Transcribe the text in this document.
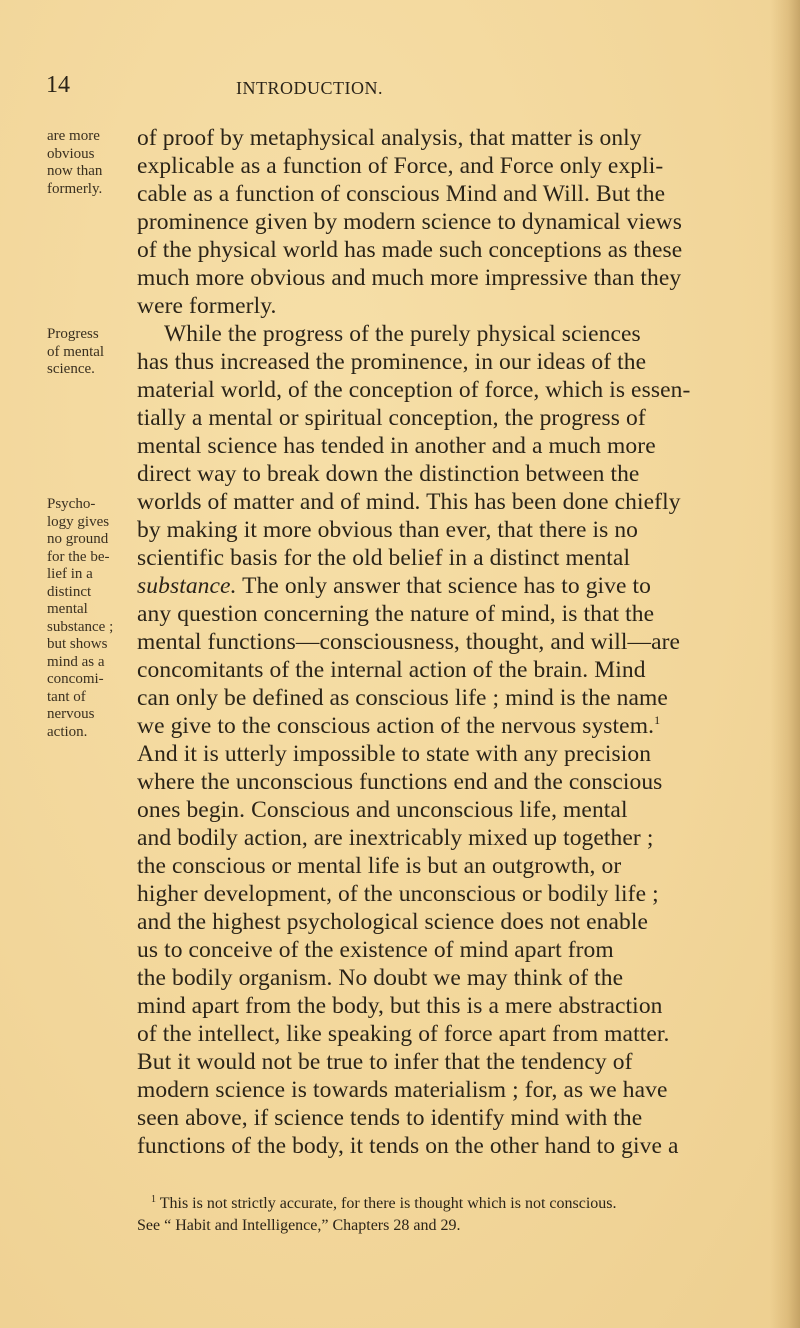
14	INTRODUCTION.
are more
obvious
now than
formerly.
Progress
of mental
science.
Psycho-
logy gives
no ground
for the be-
lief in a
distinct
mental
substance ;
but shows
mind as a
concomi-
tant of
nervous
action.
of proof by metaphysical analysis, that matter is only
explicable as a function of Force, and Force only expli-
cable as a function of conscious Mind and Will. But the
prominence given by modern science to dynamical views
of the physical world has made such conceptions as these
much more obvious and much more impressive than they
were formerly.
While the progress of the purely physical sciences
has thus increased the prominence, in our ideas of the
material world, of the conception of force, which is essen-
tially a mental or spiritual conception, the progress of
mental science has tended in another and a much more
direct way to break down the distinction between the
worlds of matter and of mind. This has been done chiefly
by making it more obvious than ever, that there is no
scientific basis for the old belief in a distinct mental
substance. The only answer that science has to give to
any question concerning the nature of mind, is that the
mental functions—consciousness, thought, and will—are
concomitants of the internal action of the brain. Mind
can only be defined as conscious life ; mind is the name
we give to the conscious action of the nervous system.$^1$
And it is utterly impossible to state with any precision
where the unconscious functions end and the conscious
ones begin. Conscious and unconscious life, mental
and bodily action, are inextricably mixed up together ;
the conscious or mental life is but an outgrowth, or
higher development, of the unconscious or bodily life ;
and the highest psychological science does not enable
us to conceive of the existence of mind apart from
the bodily organism. No doubt we may think of the
mind apart from the body, but this is a mere abstraction
of the intellect, like speaking of force apart from matter.
But it would not be true to infer that the tendency of
modern science is towards materialism ; for, as we have
seen above, if science tends to identify mind with the
functions of the body, it tends on the other hand to give a
$^1$ This is not strictly accurate, for there is thought which is not conscious.
See “ Habit and Intelligence,” Chapters 28 and 29.
